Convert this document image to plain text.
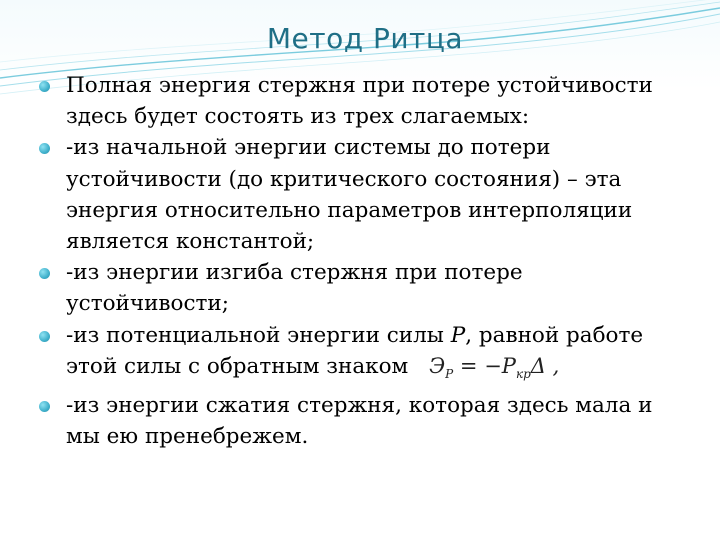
Метод Ритца
Полная энергия стержня при потере устойчивости здесь будет состоять из трех слагаемых:
-из начальной энергии системы до потери устойчивости (до критического состояния) – эта энергия относительно параметров интерполяции является константой;
-из энергии изгиба стержня при потере устойчивости;
-из потенциальной энергии силы P, равной работе этой силы с обратным знаком $Э_P = -P_{кр}\Delta$ ,
-из энергии сжатия стержня, которая здесь мала и мы ею пренебрежем.
